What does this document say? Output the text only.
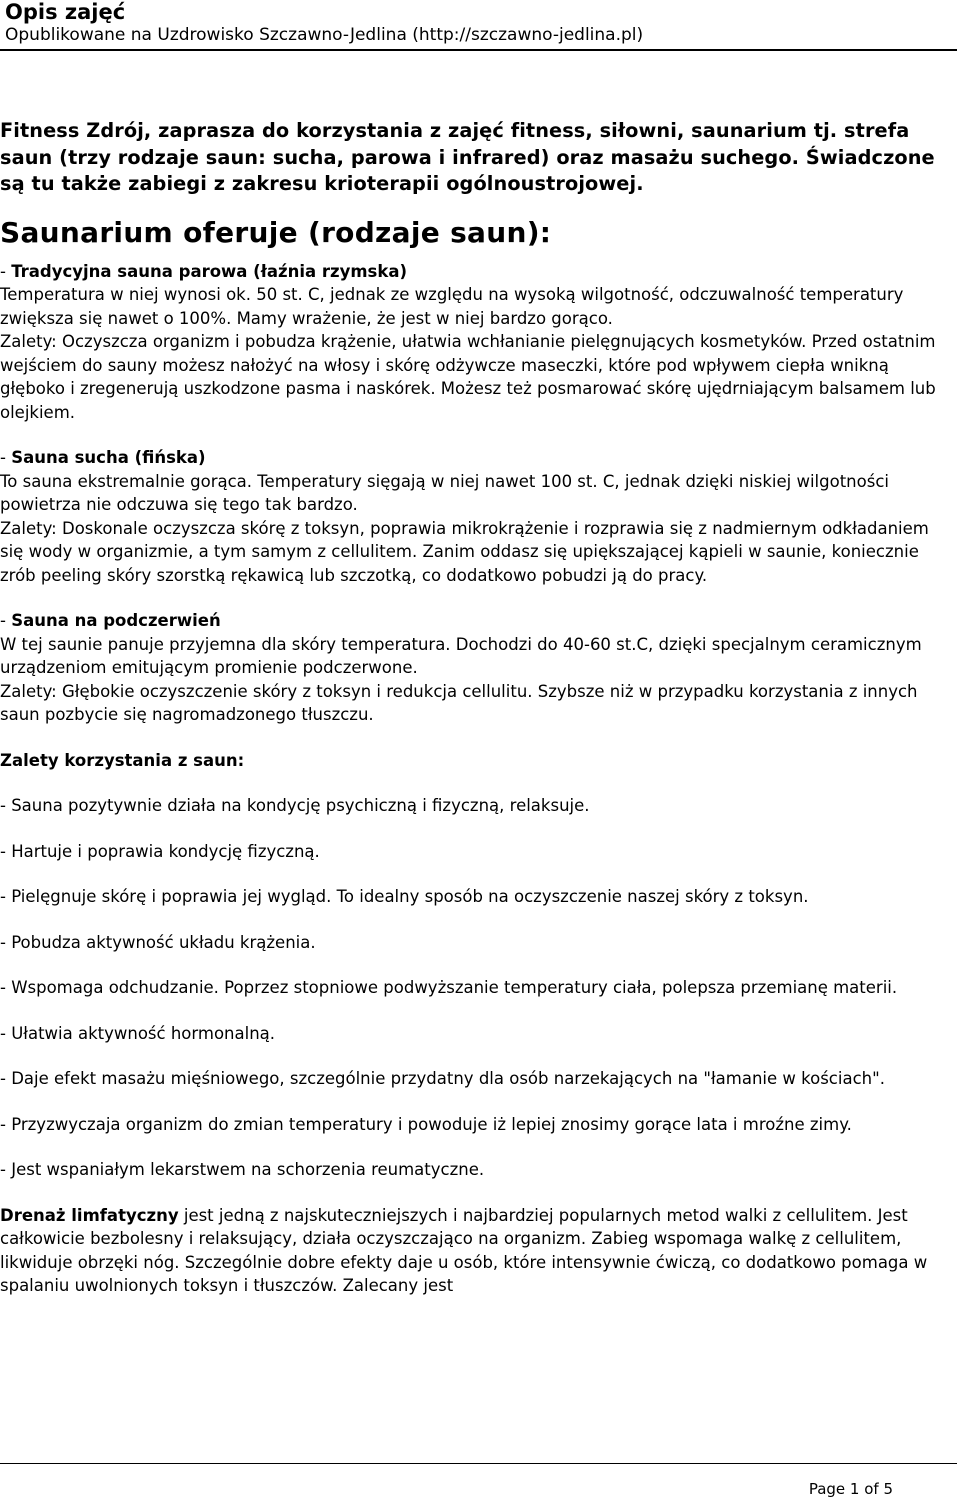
Opis zajęć

Opublikowane na Uzdrowisko Szczawno-Jedlina (http://szczawno-jedlina.pl)

Fitness Zdrój, zaprasza do korzystania z zajęć fitness, siłowni, saunarium tj. strefa saun (trzy rodzaje saun: sucha, parowa i infrared) oraz masażu suchego. Świadczone są tu także zabiegi z zakresu krioterapii ogólnoustrojowej.

Saunarium oferuje (rodzaje saun):

- Tradycyjna sauna parowa (łaźnia rzymska)

Temperatura w niej wynosi ok. 50 st. C, jednak ze względu na wysoką wilgotność, odczuwalność temperatury zwiększa się nawet o 100%. Mamy wrażenie, że jest w niej bardzo gorąco.

Zalety: Oczyszcza organizm i pobudza krążenie, ułatwia wchłanianie pielęgnujących kosmetyków. Przed ostatnim wejściem do sauny możesz nałożyć na włosy i skórę odżywcze maseczki, które pod wpływem ciepła wnikną głęboko i zregenerują uszkodzone pasma i naskórek. Możesz też posmarować skórę ujędrniającym balsamem lub olejkiem.

- Sauna sucha (fińska)

To sauna ekstremalnie gorąca. Temperatury sięgają w niej nawet 100 st. C, jednak dzięki niskiej wilgotności powietrza nie odczuwa się tego tak bardzo.

Zalety: Doskonale oczyszcza skórę z toksyn, poprawia mikrokrążenie i rozprawia się z nadmiernym odkładaniem się wody w organizmie, a tym samym z cellulitem. Zanim oddasz się upiększającej kąpieli w saunie, koniecznie zrób peeling skóry szorstką rękawicą lub szczotką, co dodatkowo pobudzi ją do pracy.

- Sauna na podczerwień

W tej saunie panuje przyjemna dla skóry temperatura. Dochodzi do 40-60 st.C, dzięki specjalnym ceramicznym urządzeniom emitującym promienie podczerwone.

Zalety: Głębokie oczyszczenie skóry z toksyn i redukcja cellulitu. Szybsze niż w przypadku korzystania z innych saun pozbycie się nagromadzonego tłuszczu.

Zalety korzystania z saun:

- Sauna pozytywnie działa na kondycję psychiczną i fizyczną, relaksuje.

- Hartuje i poprawia kondycję fizyczną.

- Pielęgnuje skórę i poprawia jej wygląd. To idealny sposób na oczyszczenie naszej skóry z toksyn.

- Pobudza aktywność układu krążenia.

- Wspomaga odchudzanie. Poprzez stopniowe podwyższanie temperatury ciała, polepsza przemianę materii.

- Ułatwia aktywność hormonalną.

- Daje efekt masażu mięśniowego, szczególnie przydatny dla osób narzekających na "łamanie w kościach".

- Przyzwyczaja organizm do zmian temperatury i powoduje iż lepiej znosimy gorące lata i mroźne zimy.

- Jest wspaniałym lekarstwem na schorzenia reumatyczne.

Drenaż limfatyczny jest jedną z najskuteczniejszych i najbardziej popularnych metod walki z cellulitem. Jest całkowicie bezbolesny i relaksujący, działa oczyszczająco na organizm. Zabieg wspomaga walkę z cellulitem, likwiduje obrzęki nóg. Szczególnie dobre efekty daje u osób, które intensywnie ćwiczą, co dodatkowo pomaga w spalaniu uwolnionych toksyn i tłuszczów. Zalecany jest

Page 1 of 5
